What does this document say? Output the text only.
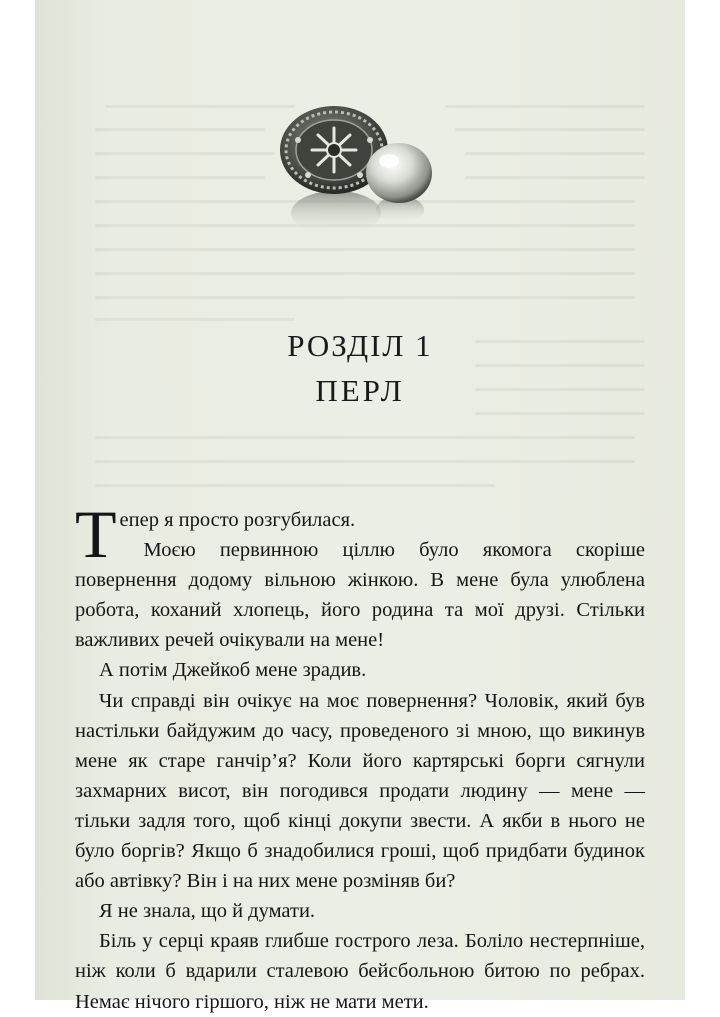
РОЗДІЛ 1
ПЕРЛ

Тепер я просто розгубилася.

Моєю первинною ціллю було якомога скоріше повернення додому вільною жінкою. В мене була улюблена робота, коханий хлопець, його родина та мої друзі. Стільки важливих речей очікували на мене!

А потім Джейкоб мене зрадив.

Чи справді він очікує на моє повернення? Чоловік, який був настільки байдужим до часу, проведеного зі мною, що викинув мене як старе ганчір’я? Коли його картярські борги сягнули захмарних висот, він погодився продати людину — мене — тільки задля того, щоб кінці докупи звести. А якби в нього не було боргів? Якщо б знадобилися гроші, щоб придбати будинок або автівку? Він і на них мене розміняв би?

Я не знала, що й думати.

Біль у серці краяв глибше гострого леза. Боліло нестерпніше, ніж коли б вдарили сталевою бейсбольною битою по ребрах. Немає нічого гіршого, ніж не мати мети.
